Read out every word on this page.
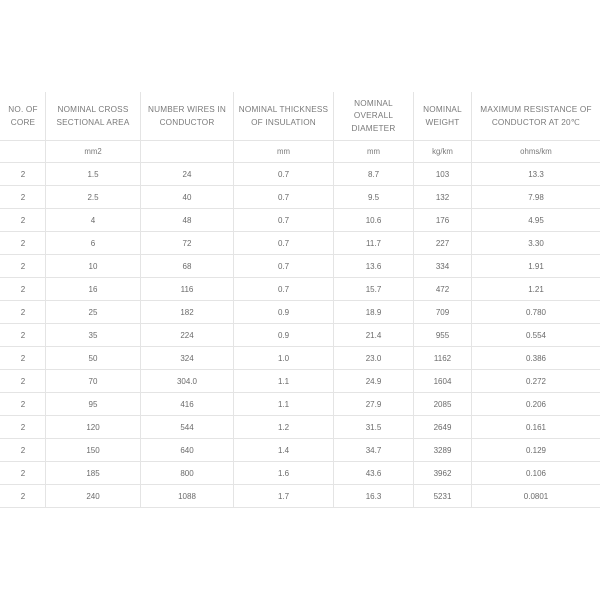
NO. OF CORE	NOMINAL CROSS SECTIONAL AREA	NUMBER WIRES IN CONDUCTOR	NOMINAL THICKNESS OF INSULATION	NOMINAL OVERALL DIAMETER	NOMINAL WEIGHT	MAXIMUM RESISTANCE OF CONDUCTOR AT 20℃
	mm2		mm	mm	kg/km	ohms/km
2	1.5	24	0.7	8.7	103	13.3
2	2.5	40	0.7	9.5	132	7.98
2	4	48	0.7	10.6	176	4.95
2	6	72	0.7	11.7	227	3.30
2	10	68	0.7	13.6	334	1.91
2	16	116	0.7	15.7	472	1.21
2	25	182	0.9	18.9	709	0.780
2	35	224	0.9	21.4	955	0.554
2	50	324	1.0	23.0	1162	0.386
2	70	304.0	1.1	24.9	1604	0.272
2	95	416	1.1	27.9	2085	0.206
2	120	544	1.2	31.5	2649	0.161
2	150	640	1.4	34.7	3289	0.129
2	185	800	1.6	43.6	3962	0.106
2	240	1088	1.7	16.3	5231	0.0801
